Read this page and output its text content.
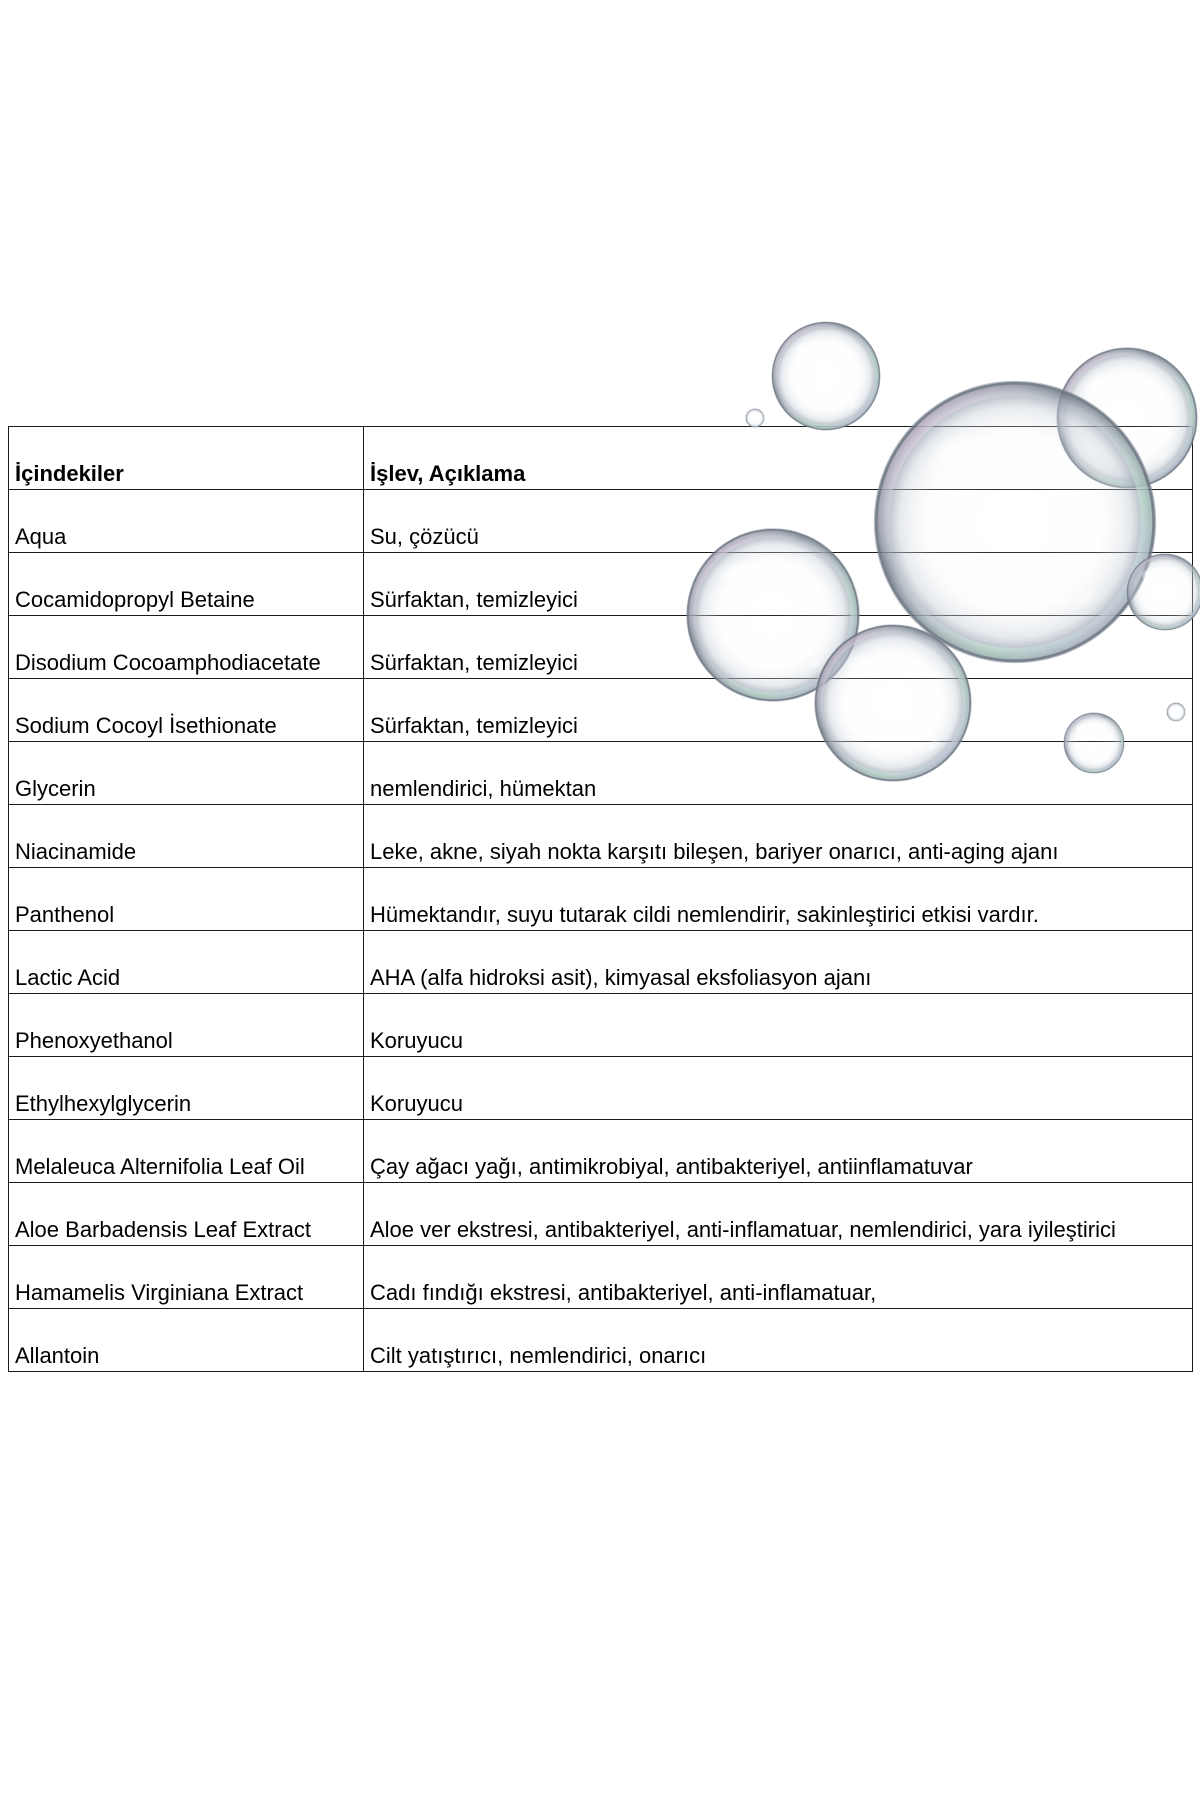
İçindekiler	İşlev, Açıklama
Aqua	Su, çözücü
Cocamidopropyl Betaine	Sürfaktan, temizleyici
Disodium Cocoamphodiacetate	Sürfaktan, temizleyici
Sodium Cocoyl İsethionate	Sürfaktan, temizleyici
Glycerin	nemlendirici, hümektan
Niacinamide	Leke, akne, siyah nokta karşıtı bileşen, bariyer onarıcı, anti-aging ajanı
Panthenol	Hümektandır, suyu tutarak cildi nemlendirir, sakinleştirici etkisi vardır.
Lactic Acid	AHA (alfa hidroksi asit), kimyasal eksfoliasyon ajanı
Phenoxyethanol	Koruyucu
Ethylhexylglycerin	Koruyucu
Melaleuca Alternifolia Leaf Oil	Çay ağacı yağı, antimikrobiyal, antibakteriyel, antiinflamatuvar
Aloe Barbadensis Leaf Extract	Aloe ver ekstresi, antibakteriyel, anti-inflamatuar, nemlendirici, yara iyileştirici
Hamamelis Virginiana Extract	Cadı fındığı ekstresi, antibakteriyel, anti-inflamatuar,
Allantoin	Cilt yatıştırıcı, nemlendirici, onarıcı
